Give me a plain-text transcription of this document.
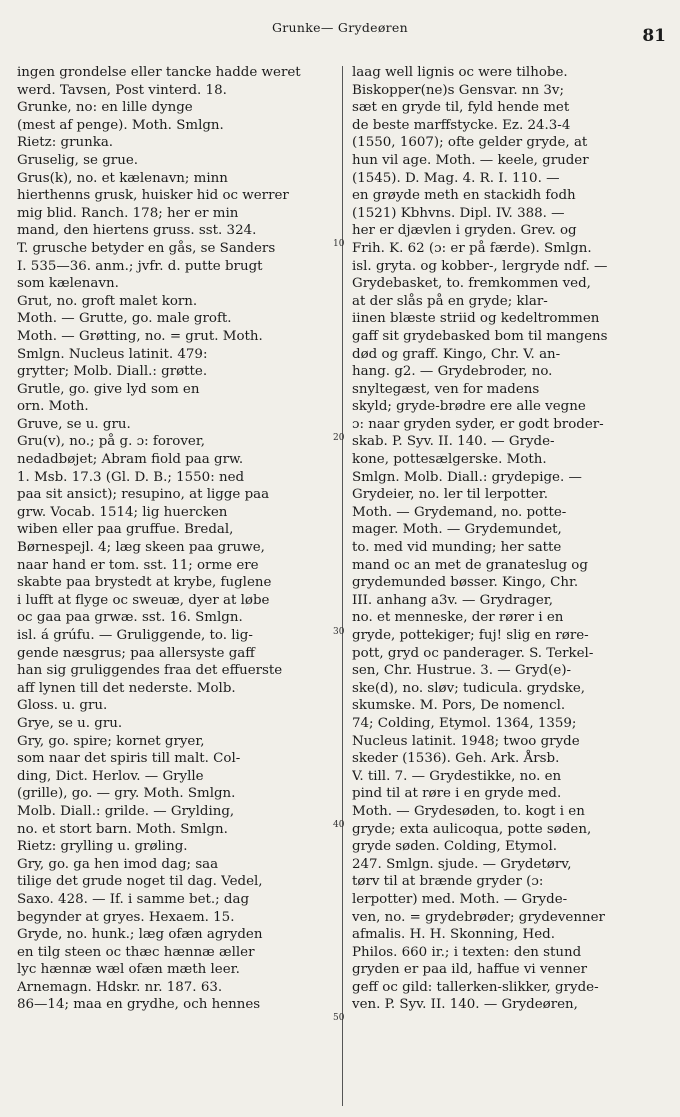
Grunke— Grydeøren	81
ingen grondelse eller tancke hadde weret
werd. Tavsen, Post vinterd. 18.
Grunke, no: en lille dynge
(mest af penge). Moth. Smlgn.
Rietz: grunka.
Gruselig, se grue.
Grus(k), no. et kælenavn; minn
hierthenns grusk, huisker hid oc werrer
mig blid. Ranch. 178; her er min
mand, den hiertens gruss. sst. 324.
T. grusche betyder en gås, se Sanders
I. 535—36. anm.; jvfr. d. putte brugt
som kælenavn.
Grut, no. groft malet korn.
Moth. — Grutte, go. male groft.
Moth. — Grøtting, no. = grut. Moth.
Smlgn. Nucleus latinit. 479:
grytter; Molb. Diall.: grøtte.
Grutle, go. give lyd som en
orn. Moth.
Gruve, se u. gru.
Gru(v), no.; på g. ɔ: forover,
nedadbøjet; Abram fiold paa grw.
1. Msb. 17.3 (Gl. D. B.; 1550: ned
paa sit ansict); resupino, at ligge paa
grw. Vocab. 1514; lig huercken
wiben eller paa gruffue. Bredal,
Børnespejl. 4; læg skeen paa gruwe,
naar hand er tom. sst. 11; orme ere
skabte paa brystedt at krybe, fuglene
i lufft at flyge oc sweuæ, dyer at løbe
oc gaa paa grwæ. sst. 16. Smlgn.
isl. á grúfu. — Gruliggende, to. lig-
gende næsgrus; paa allersyste gaff
han sig gruliggendes fraa det effuerste
aff lynen till det nederste. Molb.
Gloss. u. gru.
Grye, se u. gru.
Gry, go. spire; kornet gryer,
som naar det spiris till malt. Col-
ding, Dict. Herlov. — Grylle
(grille), go. — gry. Moth. Smlgn.
Molb. Diall.: grilde. — Grylding,
no. et stort barn. Moth. Smlgn.
Rietz: grylling u. grøling.
Gry, go. ga hen imod dag; saa
tilige det grude noget til dag. Vedel,
Saxo. 428. — If. i samme bet.; dag
begynder at gryes. Hexaem. 15.
Gryde, no. hunk.; læg ofæn agryden
en tilg steen oc thæc hænnæ æller
lyc hænnæ wæl ofæn mæth leer.
Arnemagn. Hdskr. nr. 187. 63.
86—14; maa en grydhe, och hennes
laag well lignis oc were tilhobe.
Biskopper(ne)s Gensvar. nn 3v;
sæt en gryde til, fyld hende met
de beste marffstycke. Ez. 24.3-4
(1550, 1607); ofte gelder gryde, at
hun vil age. Moth. — keele, gruder
(1545). D. Mag. 4. R. I. 110. —
en grøyde meth en stackidh fodh
(1521) Kbhvns. Dipl. IV. 388. —
her er djævlen i gryden. Grev. og
Frih. K. 62 (ɔ: er på færde). Smlgn.
isl. gryta. og kobber-, lergryde ndf. —
Grydebasket, to. fremkommen ved,
at der slås på en gryde; klar-
iinen blæste striid og kedeltrommen
gaff sit grydebasked bom til mangens
død og graff. Kingo, Chr. V. an-
hang. g2. — Grydebroder, no.
snyltegæst, ven for madens
skyld; gryde-brødre ere alle vegne
ɔ: naar gryden syder, er godt broder-
skab. P. Syv. II. 140. — Gryde-
kone, pottesælgerske. Moth.
Smlgn. Molb. Diall.: grydepige. —
Grydeier, no. ler til lerpotter.
Moth. — Grydemand, no. potte-
mager. Moth. — Grydemundet,
to. med vid munding; her satte
mand oc an met de granateslug og
grydemunded bøsser. Kingo, Chr.
III. anhang a3v. — Grydrager,
no. et menneske, der rører i en
gryde, pottekiger; fuj! slig en røre-
pott, gryd oc panderager. S. Terkel-
sen, Chr. Hustrue. 3. — Gryd(e)-
ske(d), no. sløv; tudicula. grydske,
skumske. M. Pors, De nomencl.
74; Colding, Etymol. 1364, 1359;
Nucleus latinit. 1948; twoo gryde
skeder (1536). Geh. Ark. Årsb.
V. till. 7. — Grydestikke, no. en
pind til at røre i en gryde med.
Moth. — Grydesøden, to. kogt i en
gryde; exta aulicoqua, potte søden,
gryde søden. Colding, Etymol.
247. Smlgn. sjude. — Grydetørv,
tørv til at brænde gryder (ɔ:
lerpotter) med. Moth. — Gryde-
ven, no. = grydebrøder; grydevenner
afmalis. H. H. Skonning, Hed.
Philos. 660 ir.; i texten: den stund
gryden er paa ild, haffue vi venner
geff oc gild: tallerken-slikker, gryde-
ven. P. Syv. II. 140. — Grydeøren,
10
20
30
40
50
